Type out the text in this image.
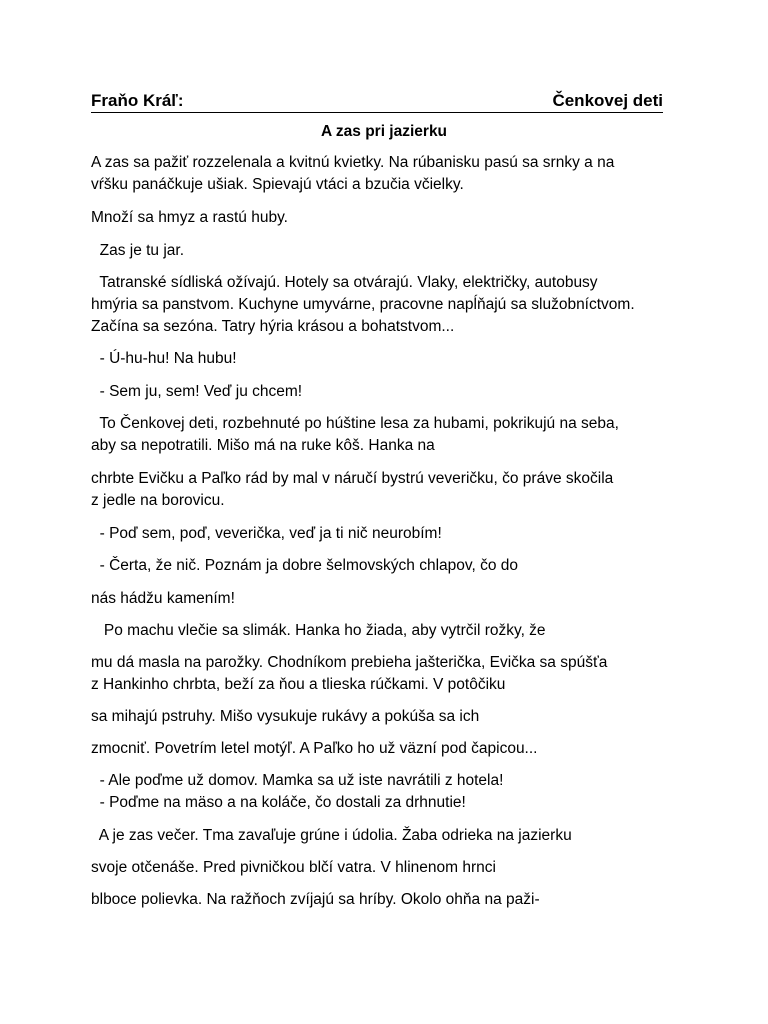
Fraňo Kráľ:	Čenkovej deti
A zas pri jazierku
A zas sa pažiť rozzelenala a kvitnú kvietky. Na rúbanisku pasú sa srnky a na
vŕšku panáčkuje ušiak. Spievajú vtáci a bzučia včielky.
Množí sa hmyz a rastú huby.
Zas je tu jar.
Tatranské sídliská ožívajú. Hotely sa otvárajú. Vlaky, električky, autobusy
hmýria sa panstvom. Kuchyne umyvárne, pracovne napĺňajú sa služobníctvom.
Začína sa sezóna. Tatry hýria krásou a bohatstvom...
- Ú-hu-hu! Na hubu!
- Sem ju, sem! Veď ju chcem!
To Čenkovej deti, rozbehnuté po húštine lesa za hubami, pokrikujú na seba,
aby sa nepotratili. Mišo má na ruke kôš. Hanka na
chrbte Evičku a Paľko rád by mal v náručí bystrú veveričku, čo práve skočila
z jedle na borovicu.
- Poď sem, poď, veverička, veď ja ti nič neurobím!
- Čerta, že nič. Poznám ja dobre šelmovských chlapov, čo do
nás hádžu kamením!
Po machu vlečie sa slimák. Hanka ho žiada, aby vytrčil rožky, že
mu dá masla na parožky. Chodníkom prebieha jašterička, Evička sa spúšťa
z Hankinho chrbta, beží za ňou a tlieska rúčkami. V potôčiku
sa mihajú pstruhy. Mišo vysukuje rukávy a pokúša sa ich
zmocniť. Povetrím letel motýľ. A Paľko ho už väzní pod čapicou...
- Ale poďme už domov. Mamka sa už iste navrátili z hotela!
- Poďme na mäso a na koláče, čo dostali za drhnutie!
A je zas večer. Tma zavaľuje grúne i údolia. Žaba odrieka na jazierku
svoje otčenáše. Pred pivničkou blčí vatra. V hlinenom hrnci
blboce polievka. Na ražňoch zvíjajú sa hríby. Okolo ohňa na paži-
